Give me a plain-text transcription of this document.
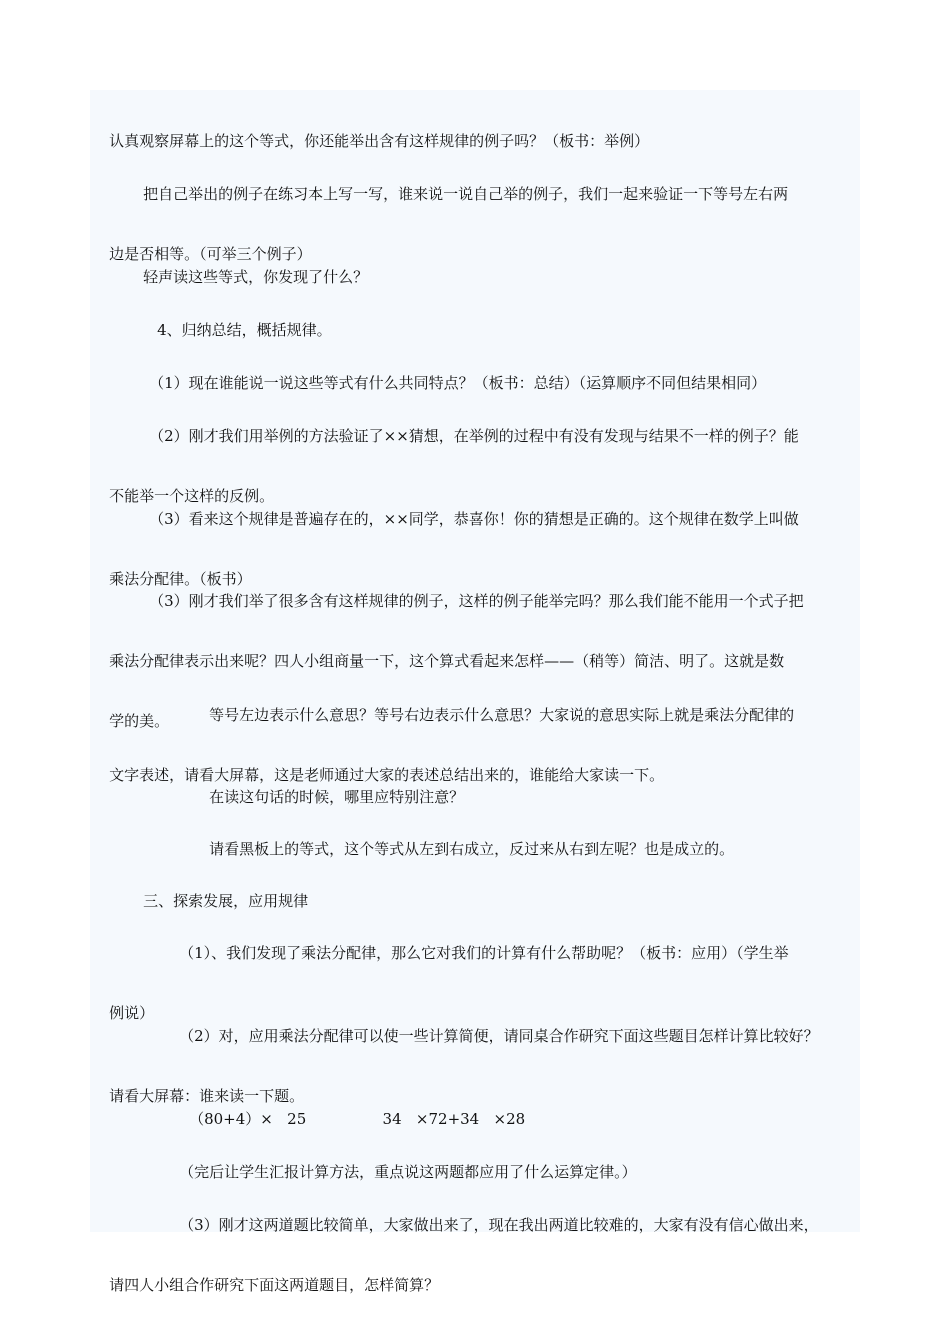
认真观察屏幕上的这个等式，你还能举出含有这样规律的例子吗？（板书：举例）

把自己举出的例子在练习本上写一写，谁来说一说自己举的例子，我们一起来验证一下等号左右两

边是否相等。（可举三个例子）

轻声读这些等式，你发现了什么？

4、归纳总结，概括规律。

（1）现在谁能说一说这些等式有什么共同特点？（板书：总结）（运算顺序不同但结果相同）

（2）刚才我们用举例的方法验证了××猜想，在举例的过程中有没有发现与结果不一样的例子？能

不能举一个这样的反例。

（3）看来这个规律是普遍存在的，××同学，恭喜你！你的猜想是正确的。这个规律在数学上叫做

乘法分配律。（板书）

（3）刚才我们举了很多含有这样规律的例子，这样的例子能举完吗？那么我们能不能用一个式子把

乘法分配律表示出来呢？四人小组商量一下，这个算式看起来怎样——（稍等）简洁、明了。这就是数

学的美。
	等号左边表示什么意思？等号右边表示什么意思？大家说的意思实际上就是乘法分配律的

文字表述，请看大屏幕，这是老师通过大家的表述总结出来的，谁能给大家读一下。

在读这句话的时候，哪里应特别注意？

请看黑板上的等式，这个等式从左到右成立，反过来从右到左呢？也是成立的。

三、探索发展，应用规律

（1）、我们发现了乘法分配律，那么它对我们的计算有什么帮助呢？（板书：应用）（学生举

例说）

（2）对，应用乘法分配律可以使一些计算简便，请同桌合作研究下面这些题目怎样计算比较好？

请看大屏幕：谁来读一下题。

（80+4）×   25                34   ×72+34   ×28

（完后让学生汇报计算方法，重点说这两题都应用了什么运算定律。）

（3）刚才这两道题比较简单，大家做出来了，现在我出两道比较难的，大家有没有信心做出来，

请四人小组合作研究下面这两道题目，怎样简算？
